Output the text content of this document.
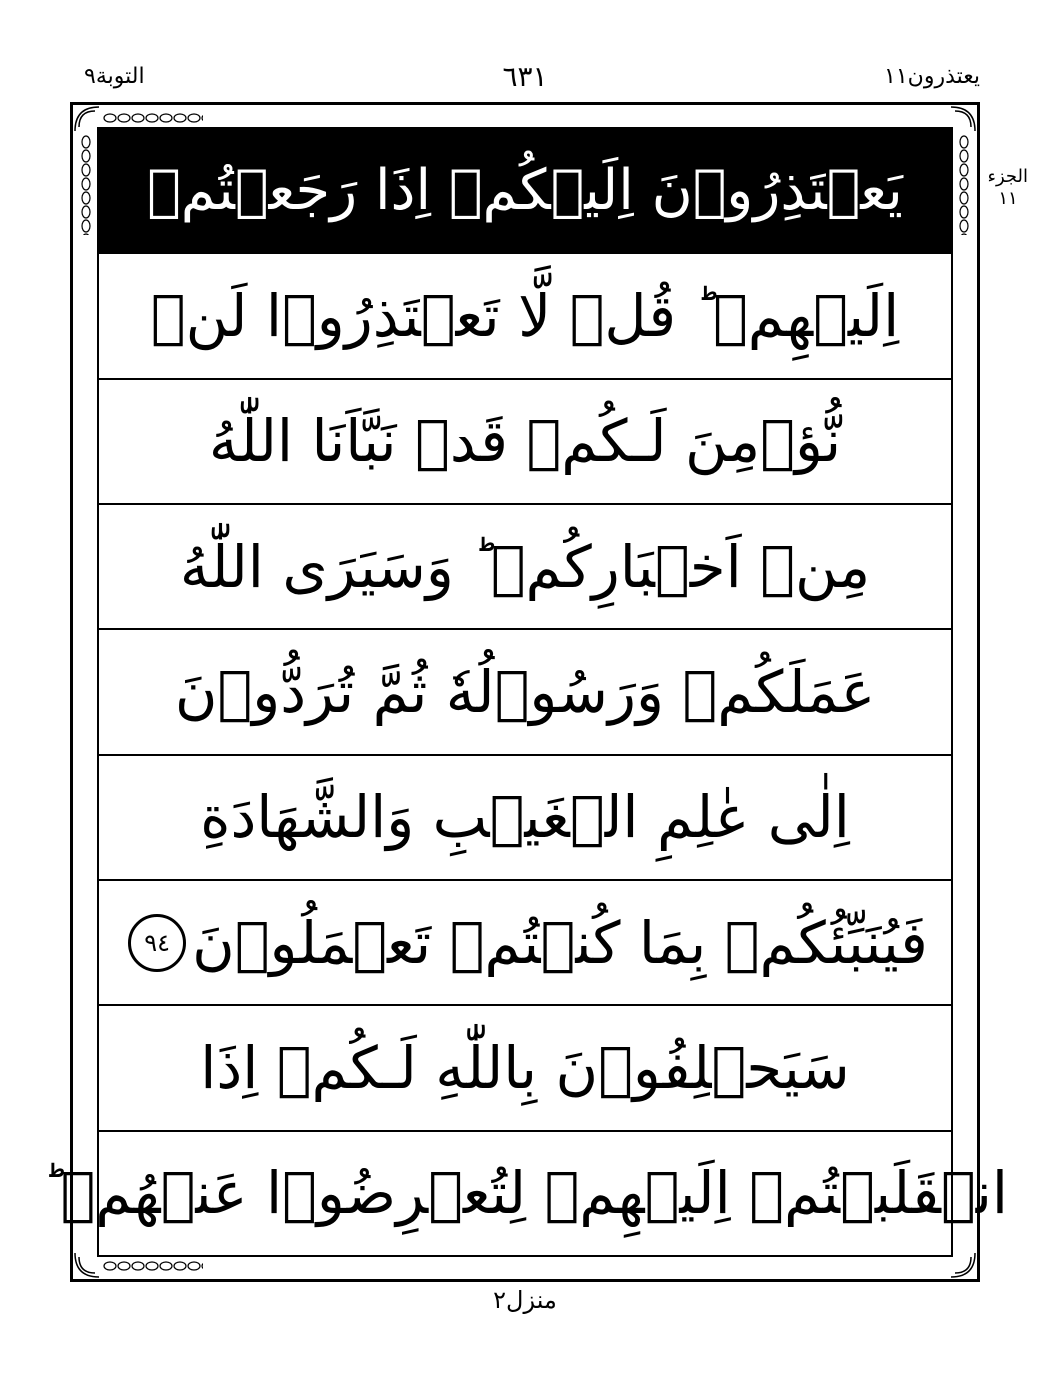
يعتذرون١١
٦٣١
التوبة٩
الجزء ١١
يَعۡتَذِرُوۡنَ اِلَيۡكُمۡ اِذَا رَجَعۡتُمۡ
اِلَيۡهِمۡ ؕ قُلۡ لَّا تَعۡتَذِرُوۡا لَنۡ
نُّؤۡمِنَ لَـكُمۡ قَدۡ نَبَّاَنَا اللّٰهُ
مِنۡ اَخۡبَارِكُمۡ ؕ وَسَيَرَى اللّٰهُ
عَمَلَكُمۡ وَرَسُوۡلُهٗ ثُمَّ تُرَدُّوۡنَ
اِلٰى عٰلِمِ الۡغَيۡبِ وَالشَّهَادَةِ
فَيُنَبِّئُكُمۡ بِمَا كُنۡتُمۡ تَعۡمَلُوۡنَ
٩٤
سَيَحۡلِفُوۡنَ بِاللّٰهِ لَـكُمۡ اِذَا
انۡقَلَبۡتُمۡ اِلَيۡهِمۡ لِتُعۡرِضُوۡا عَنۡهُمۡ ؕ
منزل٢
